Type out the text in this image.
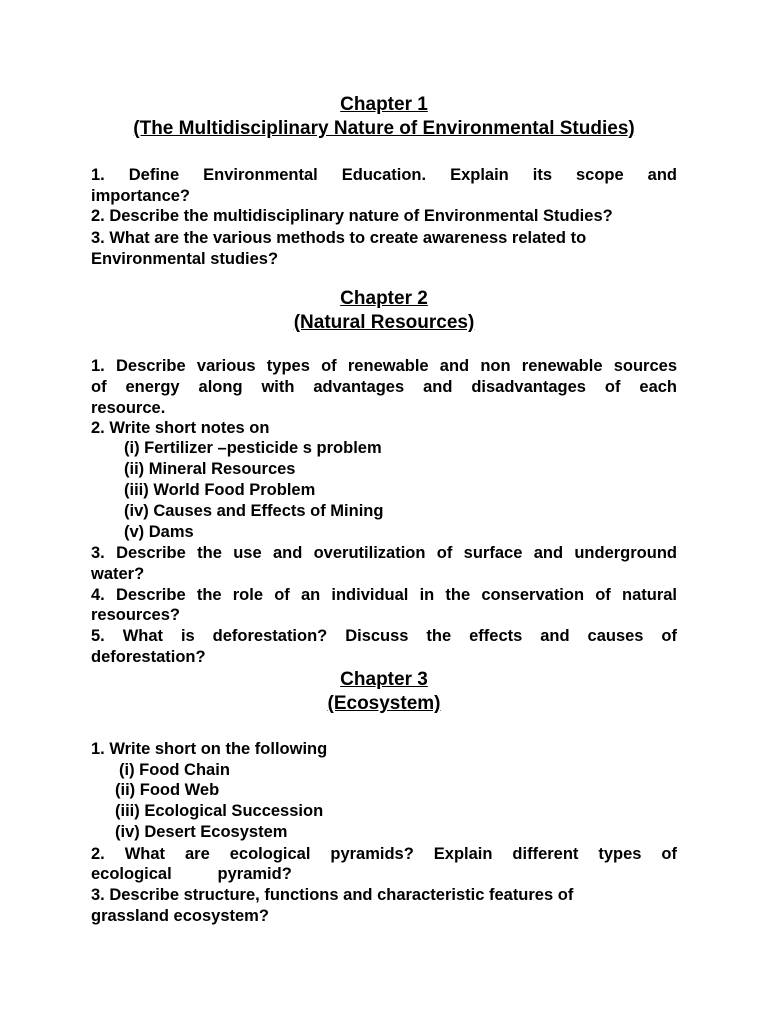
Chapter 1
(The Multidisciplinary Nature of Environmental Studies)
1. Define Environmental Education. Explain its scope and
importance?
2. Describe the multidisciplinary nature of Environmental Studies?
3. What are the various methods to create awareness related to
Environmental studies?
Chapter 2
(Natural Resources)
1. Describe various types of renewable and non renewable sources
of energy along with advantages and disadvantages of each
resource.
2. Write short notes on
(i) Fertilizer –pesticide s problem
(ii) Mineral Resources
(iii) World Food Problem
(iv) Causes and Effects of Mining
(v) Dams
3. Describe the use and overutilization of surface and underground
water?
4. Describe the role of an individual in the conservation of natural
resources?
5. What is deforestation? Discuss the effects and causes of
deforestation?
Chapter 3
(Ecosystem)
1. Write short on the following
(i) Food Chain
(ii) Food Web
(iii) Ecological Succession
(iv) Desert Ecosystem
2. What are ecological pyramids? Explain different types of
ecological          pyramid?
3. Describe structure, functions and characteristic features of
grassland ecosystem?
